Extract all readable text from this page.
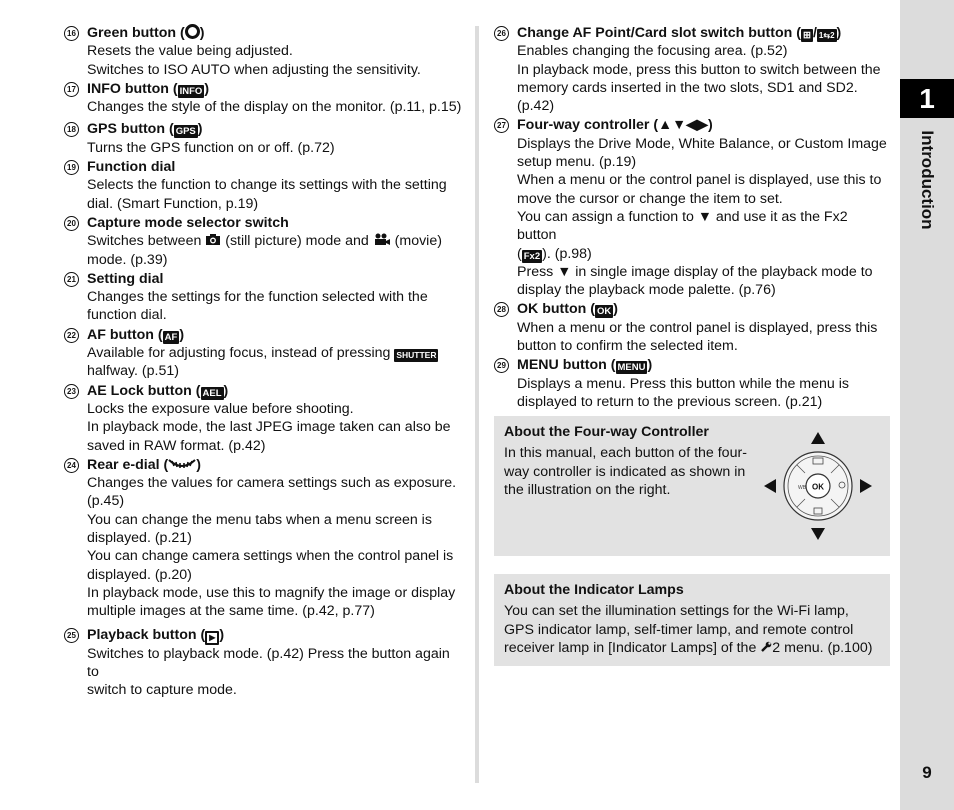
1
Introduction
9
16 Green button ( )
Resets the value being adjusted.
Switches to ISO AUTO when adjusting the sensitivity.
17 INFO button ( INFO )
Changes the style of the display on the monitor. (p.11, p.15)
18 GPS button ( GPS )
Turns the GPS function on or off. (p.72)
19 Function dial
Selects the function to change its settings with the setting
dial. (Smart Function, p.19)
20 Capture mode selector switch
Switches between  (still picture) mode and  (movie)
mode. (p.39)
21 Setting dial
Changes the settings for the function selected with the
function dial.
22 AF button ( AF )
Available for adjusting focus, instead of pressing SHUTTER
halfway. (p.51)
23 AE Lock button ( AEL )
Locks the exposure value before shooting.
In playback mode, the last JPEG image taken can also be
saved in RAW format. (p.42)
24 Rear e-dial ( )
Changes the values for camera settings such as exposure.
(p.45)
You can change the menu tabs when a menu screen is
displayed. (p.21)
You can change camera settings when the control panel is
displayed. (p.20)
In playback mode, use this to magnify the image or display
multiple images at the same time. (p.42, p.77)
25 Playback button ( ▶ )
Switches to playback mode. (p.42) Press the button again to
switch to capture mode.
26 Change AF Point/Card slot switch button ( ⊞ / 1⇆2 )
Enables changing the focusing area. (p.52)
In playback mode, press this button to switch between the
memory cards inserted in the two slots, SD1 and SD2.
(p.42)
27 Four-way controller (▲▼◀▶)
Displays the Drive Mode, White Balance, or Custom Image
setup menu. (p.19)
When a menu or the control panel is displayed, use this to
move the cursor or change the item to set.
You can assign a function to ▼ and use it as the Fx2 button
( Fx2 ). (p.98)
Press ▼ in single image display of the playback mode to
display the playback mode palette. (p.76)
28 OK button ( OK )
When a menu or the control panel is displayed, press this
button to confirm the selected item.
29 MENU button ( MENU )
Displays a menu. Press this button while the menu is
displayed to return to the previous screen. (p.21)
About the Four-way Controller
In this manual, each button of the four-way controller is indicated as shown in the illustration on the right.	OK
WB
About the Indicator Lamps
You can set the illumination settings for the Wi-Fi lamp, GPS indicator lamp, self-timer lamp, and remote control receiver lamp in [Indicator Lamps] of the 2 menu. (p.100)
